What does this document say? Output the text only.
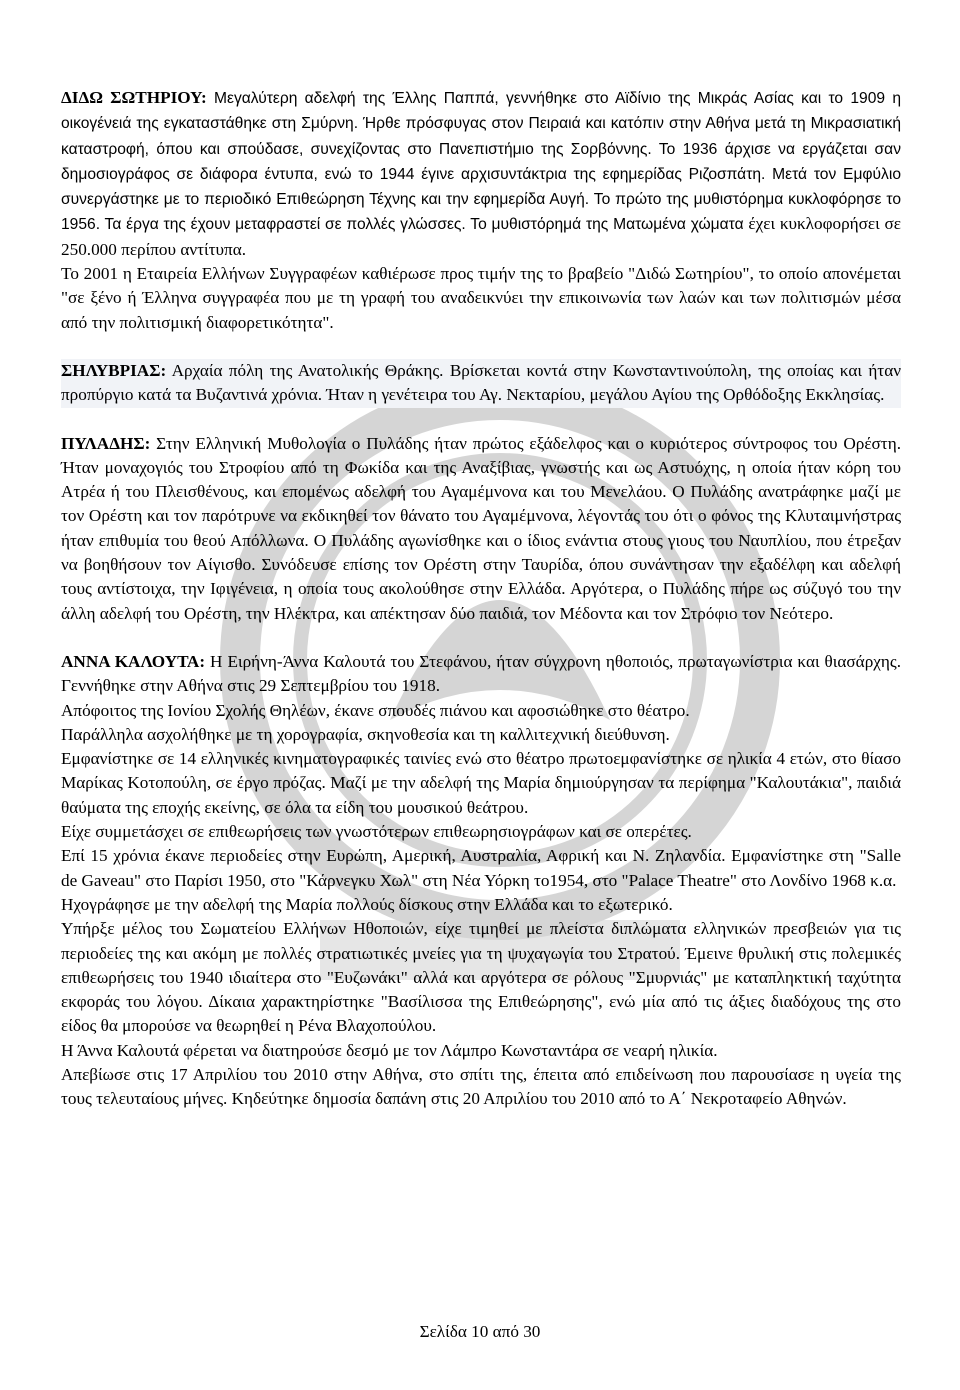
ΔΙΔΩ ΣΩΤΗΡΙΟΥ: Μεγαλύτερη αδελφή της Έλλης Παππά, γεννήθηκε στο Αϊδίνιο της Μικράς Ασίας και το 1909 η οικογένειά της εγκαταστάθηκε στη Σμύρνη. Ήρθε πρόσφυγας στον Πειραιά και κατόπιν στην Αθήνα μετά τη Μικρασιατική καταστροφή, όπου και σπούδασε, συνεχίζοντας στο Πανεπιστήμιο της Σορβόννης. Το 1936 άρχισε να εργάζεται σαν δημοσιογράφος σε διάφορα έντυπα, ενώ το 1944 έγινε αρχισυντάκτρια της εφημερίδας Ριζοσπάτη. Μετά τον Εμφύλιο συνεργάστηκε με το περιοδικό Επιθεώρηση Τέχνης και την εφημερίδα Αυγή. Το πρώτο της μυθιστόρημα κυκλοφόρησε το 1956. Τα έργα της έχουν μεταφραστεί σε πολλές γλώσσες. Το μυθιστόρημά της Ματωμένα χώματα έχει κυκλοφορήσει σε 250.000 περίπου αντίτυπα.

Το 2001 η Εταιρεία Ελλήνων Συγγραφέων καθιέρωσε προς τιμήν της το βραβείο "Διδώ Σωτηρίου", το οποίο απονέμεται "σε ξένο ή Έλληνα συγγραφέα που με τη γραφή του αναδεικνύει την επικοινωνία των λαών και των πολιτισμών μέσα από την πολιτισμική διαφορετικότητα".

ΣΗΛΥΒΡΙΑΣ: Αρχαία πόλη της Ανατολικής Θράκης. Βρίσκεται κοντά στην Κωνσταντινούπολη, της οποίας και ήταν προπύργιο κατά τα Βυζαντινά χρόνια. Ήταν η γενέτειρα του Αγ. Νεκταρίου, μεγάλου Αγίου της Ορθόδοξης Εκκλησίας.

ΠΥΛΑΔΗΣ: Στην Ελληνική Μυθολογία ο Πυλάδης ήταν πρώτος εξάδελφος και ο κυριότερος σύντροφος του Ορέστη. Ήταν μοναχογιός του Στροφίου από τη Φωκίδα και της Αναξίβιας, γνωστής και ως Αστυόχης, η οποία ήταν κόρη του Ατρέα ή του Πλεισθένους, και επομένως αδελφή του Αγαμέμνονα και του Μενελάου. Ο Πυλάδης ανατράφηκε μαζί με τον Ορέστη και τον παρότρυνε να εκδικηθεί τον θάνατο του Αγαμέμνονα, λέγοντάς του ότι ο φόνος της Κλυταιμνήστρας ήταν επιθυμία του θεού Απόλλωνα. Ο Πυλάδης αγωνίσθηκε και ο ίδιος ενάντια στους γιους του Ναυπλίου, που έτρεξαν να βοηθήσουν τον Αίγισθο. Συνόδευσε επίσης τον Ορέστη στην Ταυρίδα, όπου συνάντησαν την εξαδέλφη και αδελφή τους αντίστοιχα, την Ιφιγένεια, η οποία τους ακολούθησε στην Ελλάδα. Αργότερα, ο Πυλάδης πήρε ως σύζυγό του την άλλη αδελφή του Ορέστη, την Ηλέκτρα, και απέκτησαν δύο παιδιά, τον Μέδοντα και τον Στρόφιο τον Νεότερο.

ΑΝΝΑ ΚΑΛΟΥΤΑ: Η Ειρήνη-Άννα Καλουτά του Στεφάνου, ήταν σύγχρονη ηθοποιός, πρωταγωνίστρια και θιασάρχης. Γεννήθηκε στην Αθήνα στις 29 Σεπτεμβρίου του 1918.

Απόφοιτος της Ιονίου Σχολής Θηλέων, έκανε σπουδές πιάνου και αφοσιώθηκε στο θέατρο.

Παράλληλα ασχολήθηκε με τη χορογραφία, σκηνοθεσία και τη καλλιτεχνική διεύθυνση.

Εμφανίστηκε σε 14 ελληνικές κινηματογραφικές ταινίες ενώ στο θέατρο πρωτοεμφανίστηκε σε ηλικία 4 ετών, στο θίασο Μαρίκας Κοτοπούλη, σε έργο πρόζας. Μαζί με την αδελφή της Μαρία δημιούργησαν τα περίφημα "Καλουτάκια", παιδιά θαύματα της εποχής εκείνης, σε όλα τα είδη του μουσικού θεάτρου.

Είχε συμμετάσχει σε επιθεωρήσεις των γνωστότερων επιθεωρησιογράφων και σε οπερέτες.

Επί 15 χρόνια έκανε περιοδείες στην Ευρώπη, Αμερική, Αυστραλία, Αφρική και Ν. Ζηλανδία. Εμφανίστηκε στη "Salle de Gaveau" στο Παρίσι 1950, στο "Κάρνεγκυ Χωλ" στη Νέα Υόρκη το1954, στο "Palace Theatre" στο Λονδίνο 1968 κ.α.

Ηχογράφησε με την αδελφή της Μαρία πολλούς δίσκους στην Ελλάδα και το εξωτερικό.

Υπήρξε μέλος του Σωματείου Ελλήνων Ηθοποιών, είχε τιμηθεί με πλείστα διπλώματα ελληνικών πρεσβειών για τις περιοδείες της και ακόμη με πολλές στρατιωτικές μνείες για τη ψυχαγωγία του Στρατού. Έμεινε θρυλική στις πολεμικές επιθεωρήσεις του 1940 ιδιαίτερα στο "Ευζωνάκι" αλλά και αργότερα σε ρόλους "Σμυρνιάς" με καταπληκτική ταχύτητα εκφοράς του λόγου. Δίκαια χαρακτηρίστηκε "Βασίλισσα της Επιθεώρησης", ενώ μία από τις άξιες διαδόχους της στο είδος θα μπορούσε να θεωρηθεί η Ρένα Βλαχοπούλου.

Η Άννα Καλουτά φέρεται να διατηρούσε δεσμό με τον Λάμπρο Κωνσταντάρα σε νεαρή ηλικία.

Απεβίωσε στις 17 Απριλίου του 2010 στην Αθήνα, στο σπίτι της, έπειτα από επιδείνωση που παρουσίασε η υγεία της τους τελευταίους μήνες. Κηδεύτηκε δημοσία δαπάνη στις 20 Απριλίου του 2010 από το Α΄ Νεκροταφείο Αθηνών.

Σελίδα 10 από 30
